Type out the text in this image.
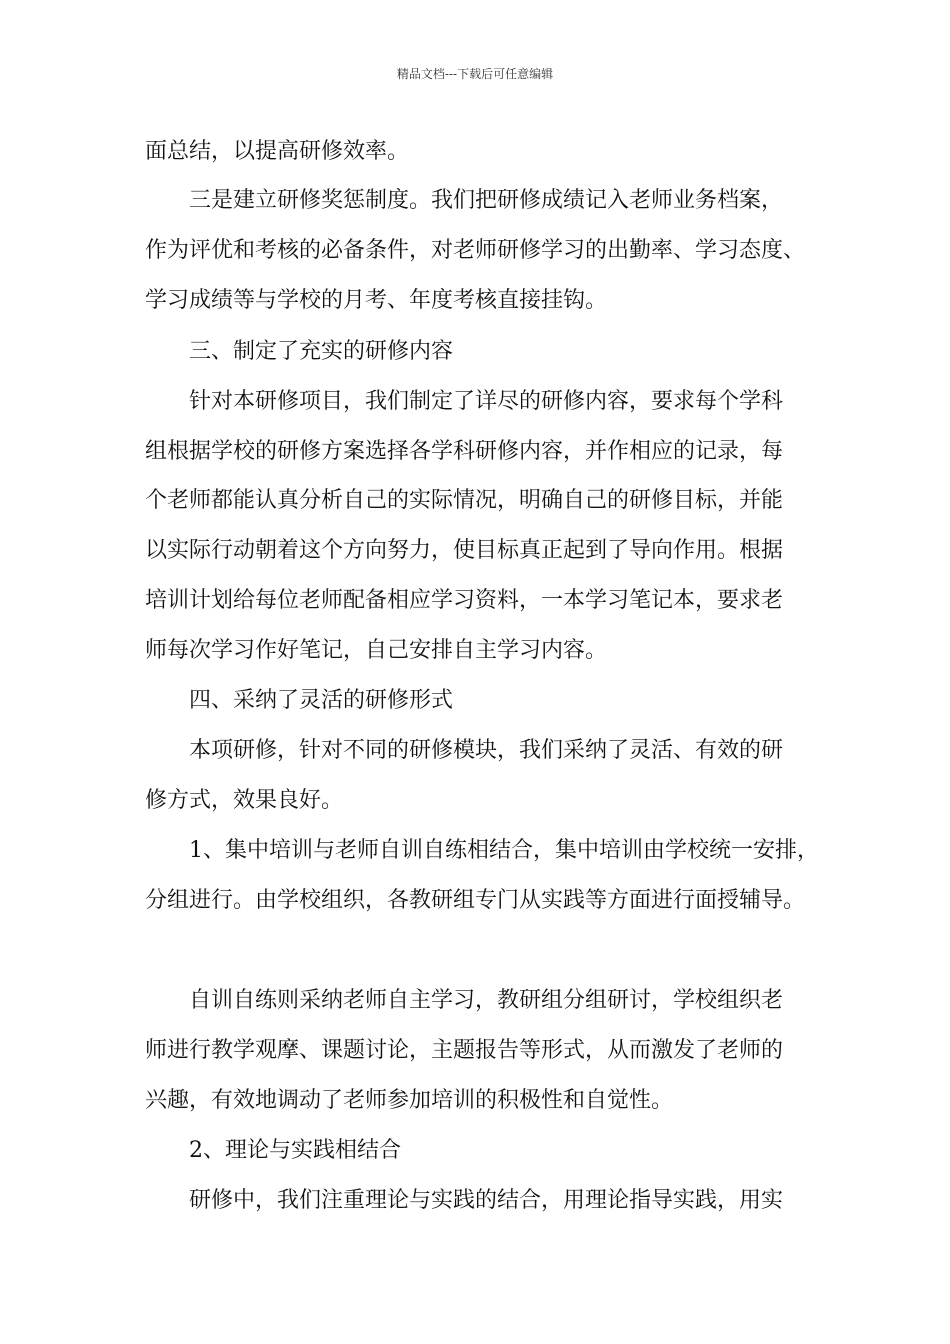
精品文档---下载后可任意编辑
面总结，以提高研修效率。
　　三是建立研修奖惩制度。我们把研修成绩记入老师业务档案，
作为评优和考核的必备条件，对老师研修学习的出勤率、学习态度、
学习成绩等与学校的月考、年度考核直接挂钩。
　　三、制定了充实的研修内容
　　针对本研修项目，我们制定了详尽的研修内容，要求每个学科
组根据学校的研修方案选择各学科研修内容，并作相应的记录，每
个老师都能认真分析自己的实际情况，明确自己的研修目标，并能
以实际行动朝着这个方向努力，使目标真正起到了导向作用。根据
培训计划给每位老师配备相应学习资料，一本学习笔记本，要求老
师每次学习作好笔记，自己安排自主学习内容。
　　四、采纳了灵活的研修形式
　　本项研修，针对不同的研修模块，我们采纳了灵活、有效的研
修方式，效果良好。
　　1、集中培训与老师自训自练相结合，集中培训由学校统一安排，
分组进行。由学校组织，各教研组专门从实践等方面进行面授辅导。
　　自训自练则采纳老师自主学习，教研组分组研讨，学校组织老
师进行教学观摩、课题讨论，主题报告等形式，从而激发了老师的
兴趣，有效地调动了老师参加培训的积极性和自觉性。
　　2、理论与实践相结合
　　研修中，我们注重理论与实践的结合，用理论指导实践，用实
